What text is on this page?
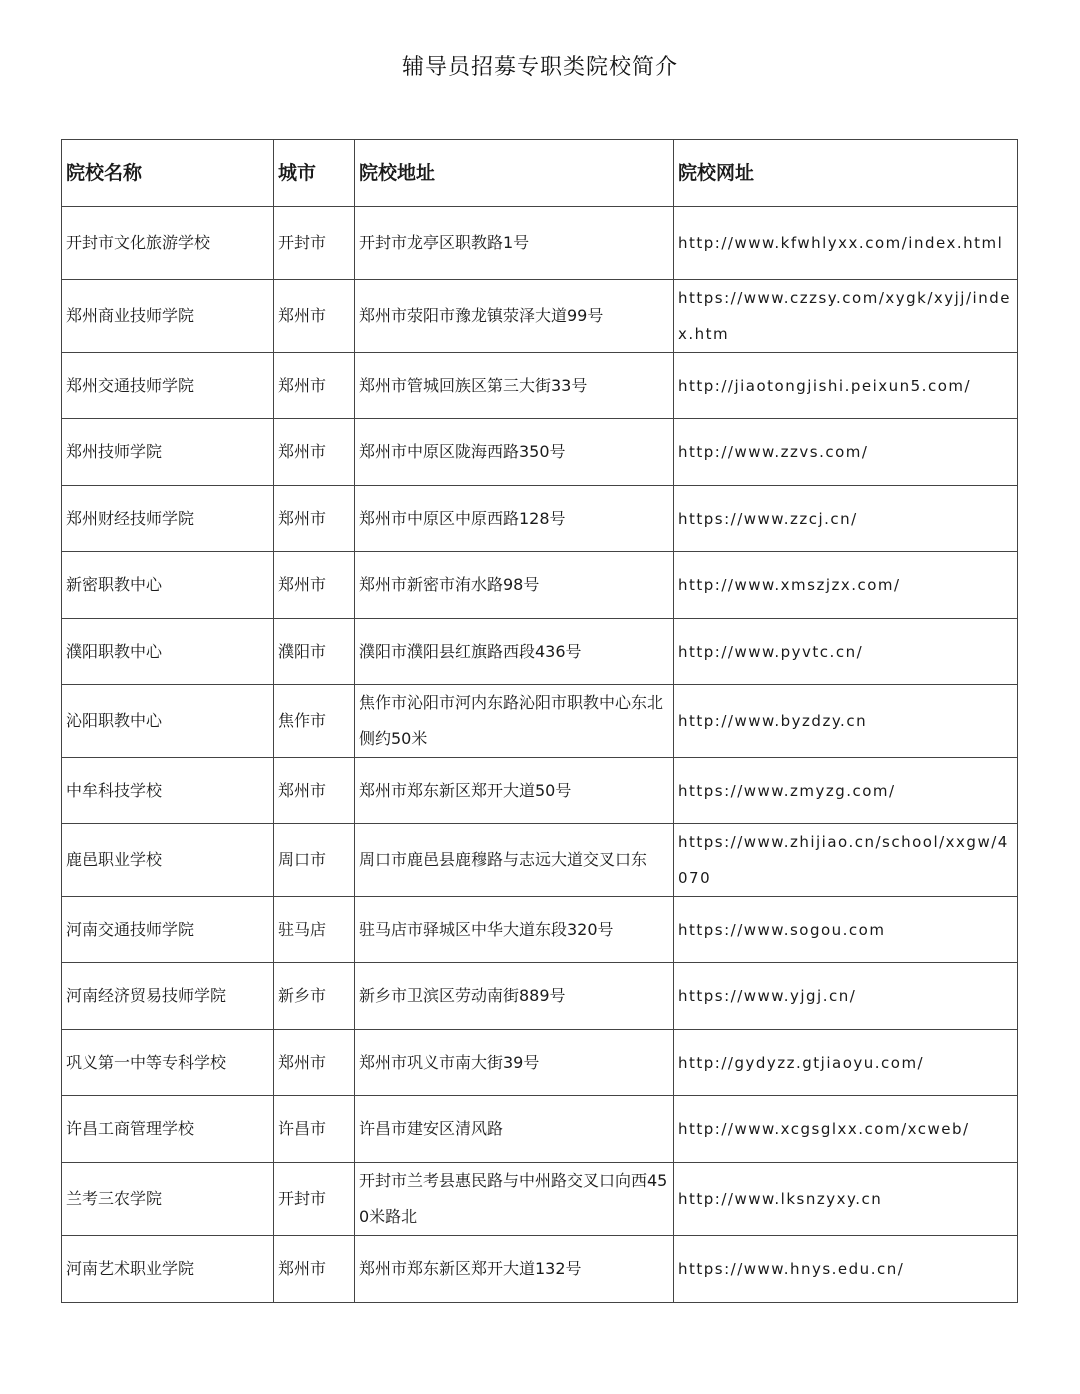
辅导员招募专职类院校简介
院校名称	城市	院校地址	院校网址
开封市文化旅游学校	开封市	开封市龙亭区职教路1号	http://www.kfwhlyxx.com/index.html
郑州商业技师学院	郑州市	郑州市荥阳市豫龙镇荥泽大道99号	https://www.czzsy.com/xygk/xyjj/index.htm
郑州交通技师学院	郑州市	郑州市管城回族区第三大街33号	http://jiaotongjishi.peixun5.com/
郑州技师学院	郑州市	郑州市中原区陇海西路350号	http://www.zzvs.com/
郑州财经技师学院	郑州市	郑州市中原区中原西路128号	https://www.zzcj.cn/
新密职教中心	郑州市	郑州市新密市洧水路98号	http://www.xmszjzx.com/
濮阳职教中心	濮阳市	濮阳市濮阳县红旗路西段436号	http://www.pyvtc.cn/
沁阳职教中心	焦作市	焦作市沁阳市河内东路沁阳市职教中心东北侧约50米	http://www.byzdzy.cn
中牟科技学校	郑州市	郑州市郑东新区郑开大道50号	https://www.zmyzg.com/
鹿邑职业学校	周口市	周口市鹿邑县鹿穆路与志远大道交叉口东	https://www.zhijiao.cn/school/xxgw/4070
河南交通技师学院	驻马店	驻马店市驿城区中华大道东段320号	https://www.sogou.com
河南经济贸易技师学院	新乡市	新乡市卫滨区劳动南街889号	https://www.yjgj.cn/
巩义第一中等专科学校	郑州市	郑州市巩义市南大街39号	http://gydyzz.gtjiaoyu.com/
许昌工商管理学校	许昌市	许昌市建安区清风路	http://www.xcgsglxx.com/xcweb/
兰考三农学院	开封市	开封市兰考县惠民路与中州路交叉口向西450米路北	http://www.lksnzyxy.cn
河南艺术职业学院	郑州市	郑州市郑东新区郑开大道132号	https://www.hnys.edu.cn/
